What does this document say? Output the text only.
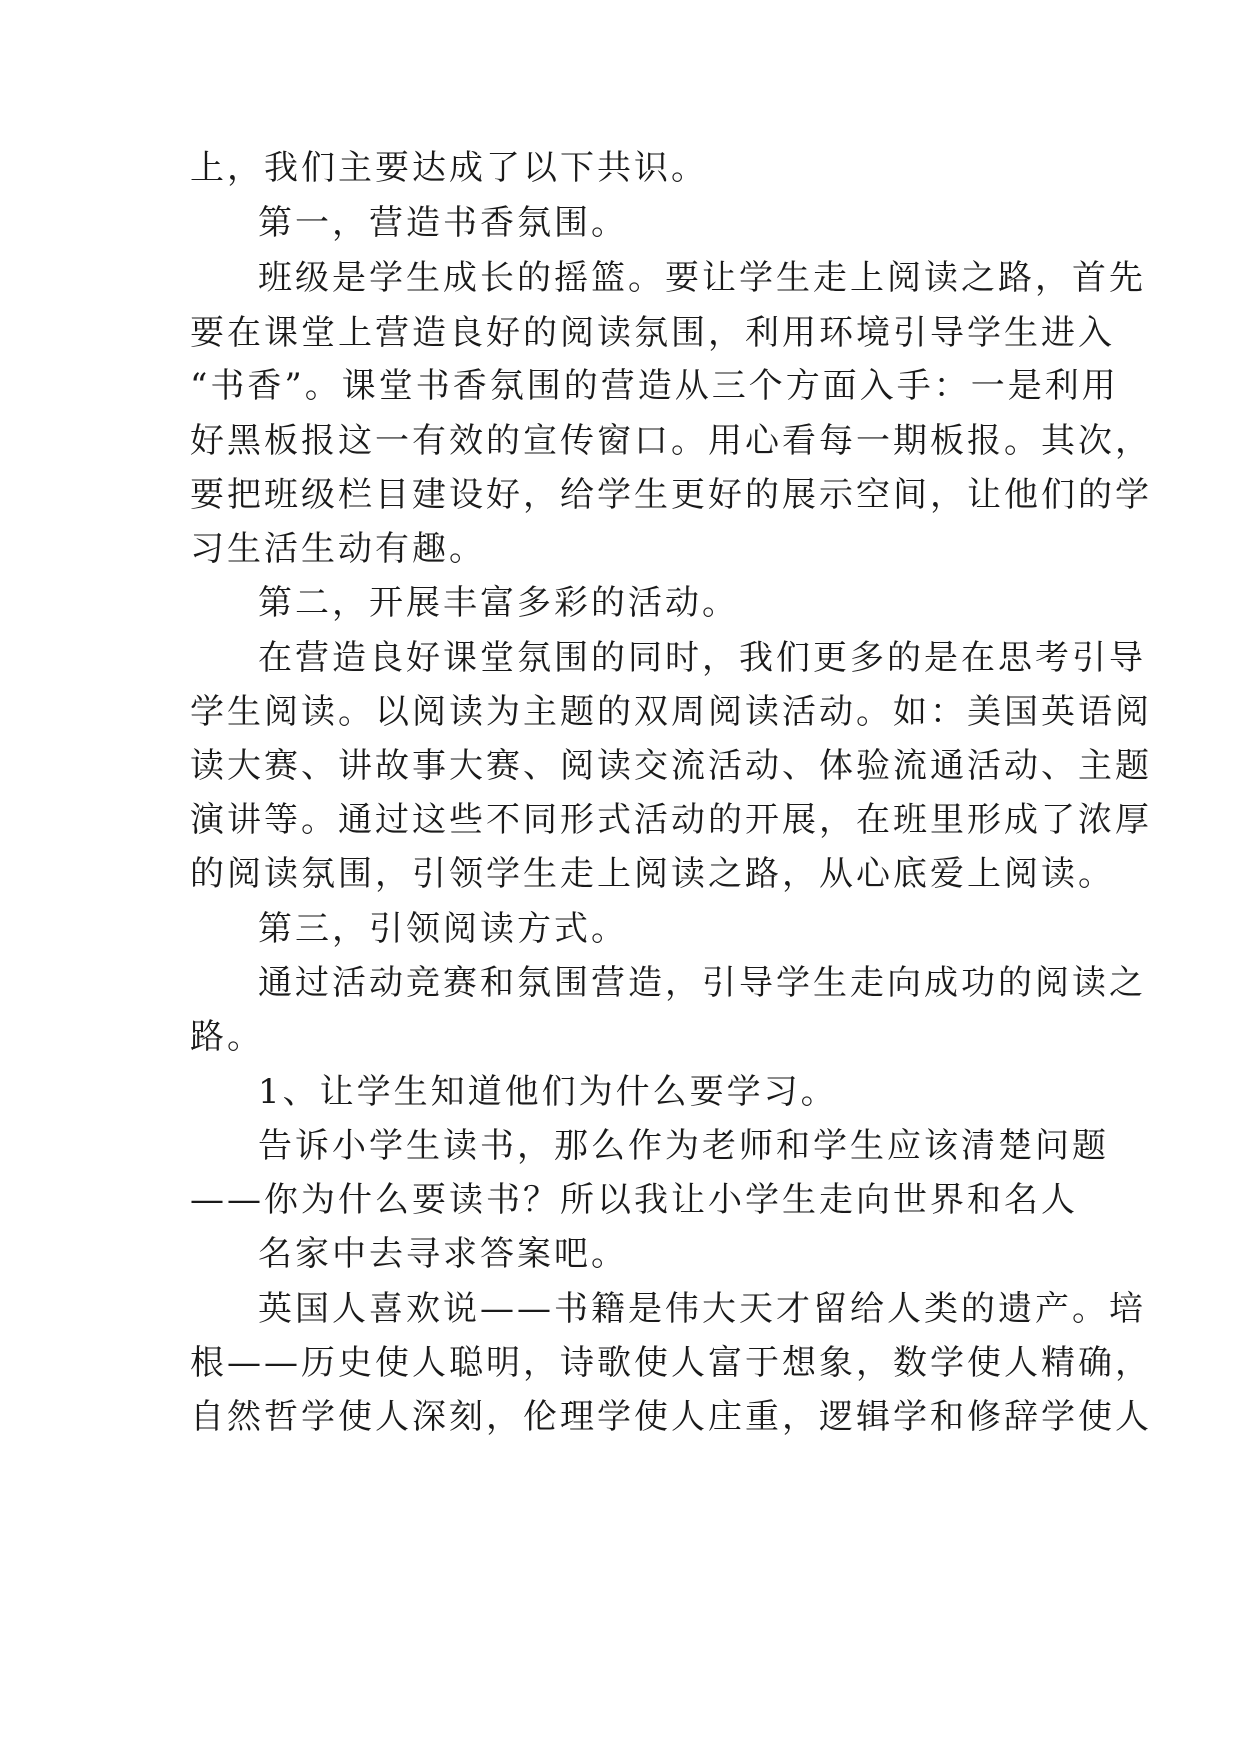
上，我们主要达成了以下共识。
第一，营造书香氛围。
班级是学生成长的摇篮。要让学生走上阅读之路，首先
要在课堂上营造良好的阅读氛围，利用环境引导学生进入
“书香”。课堂书香氛围的营造从三个方面入手：一是利用
好黑板报这一有效的宣传窗口。用心看每一期板报。其次，
要把班级栏目建设好，给学生更好的展示空间，让他们的学
习生活生动有趣。
第二，开展丰富多彩的活动。
在营造良好课堂氛围的同时，我们更多的是在思考引导
学生阅读。以阅读为主题的双周阅读活动。如：美国英语阅
读大赛、讲故事大赛、阅读交流活动、体验流通活动、主题
演讲等。通过这些不同形式活动的开展，在班里形成了浓厚
的阅读氛围，引领学生走上阅读之路，从心底爱上阅读。
第三，引领阅读方式。
通过活动竞赛和氛围营造，引导学生走向成功的阅读之
路。
1、让学生知道他们为什么要学习。
告诉小学生读书，那么作为老师和学生应该清楚问题
——你为什么要读书？所以我让小学生走向世界和名人
名家中去寻求答案吧。
英国人喜欢说——书籍是伟大天才留给人类的遗产。培
根——历史使人聪明，诗歌使人富于想象，数学使人精确，
自然哲学使人深刻，伦理学使人庄重，逻辑学和修辞学使人
